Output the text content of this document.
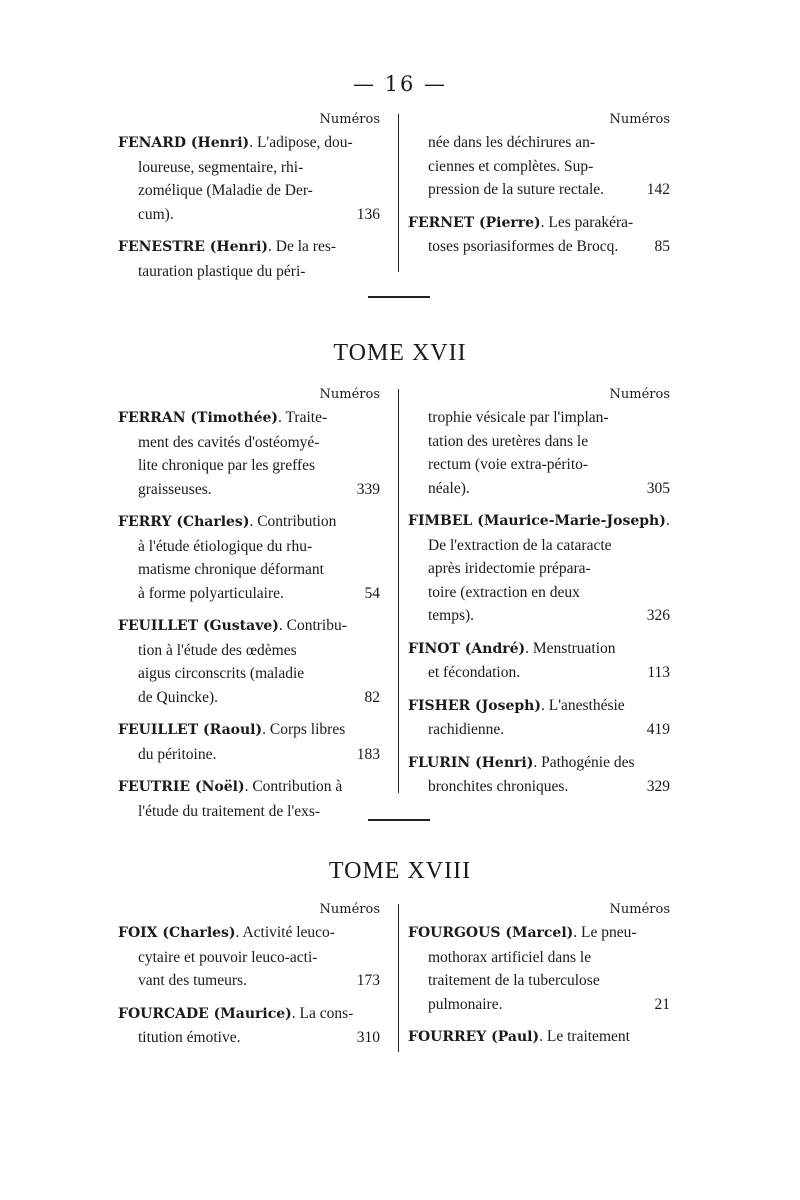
— 16 —
Numéros
FENARD (Henri). L'adipose, dou-
loureuse, segmentaire, rhi-
zomélique (Maladie de Der-
cum).	136
FENESTRE (Henri). De la res-
tauration plastique du péri-
Numéros
née dans les déchirures an-
ciennes et complètes. Sup-
pression de la suture rectale.	142
FERNET (Pierre). Les parakéra-
toses psoriasiformes de Brocq.	85
TOME XVII
Numéros
FERRAN (Timothée). Traite-
ment des cavités d'ostéomyé-
lite chronique par les greffes
graisseuses.	339
FERRY (Charles). Contribution
à l'étude étiologique du rhu-
matisme chronique déformant
à forme polyarticulaire.	54
FEUILLET (Gustave). Contribu-
tion à l'étude des œdèmes
aigus circonscrits (maladie
de Quincke).	82
FEUILLET (Raoul). Corps libres
du péritoine.	183
FEUTRIE (Noël). Contribution à
l'étude du traitement de l'exs-
Numéros
trophie vésicale par l'implan-
tation des uretères dans le
rectum (voie extra-périto-
néale).	305
FIMBEL (Maurice-Marie-Joseph).
De l'extraction de la cataracte
après iridectomie prépara-
toire (extraction en deux
temps).	326
FINOT (André). Menstruation
et fécondation.	113
FISHER (Joseph). L'anesthésie
rachidienne.	419
FLURIN (Henri). Pathogénie des
bronchites chroniques.	329
TOME XVIII
Numéros
FOIX (Charles). Activité leuco-
cytaire et pouvoir leuco-acti-
vant des tumeurs.	173
FOURCADE (Maurice). La cons-
titution émotive.	310
Numéros
FOURGOUS (Marcel). Le pneu-
mothorax artificiel dans le
traitement de la tuberculose
pulmonaire.	21
FOURREY (Paul). Le traitement
